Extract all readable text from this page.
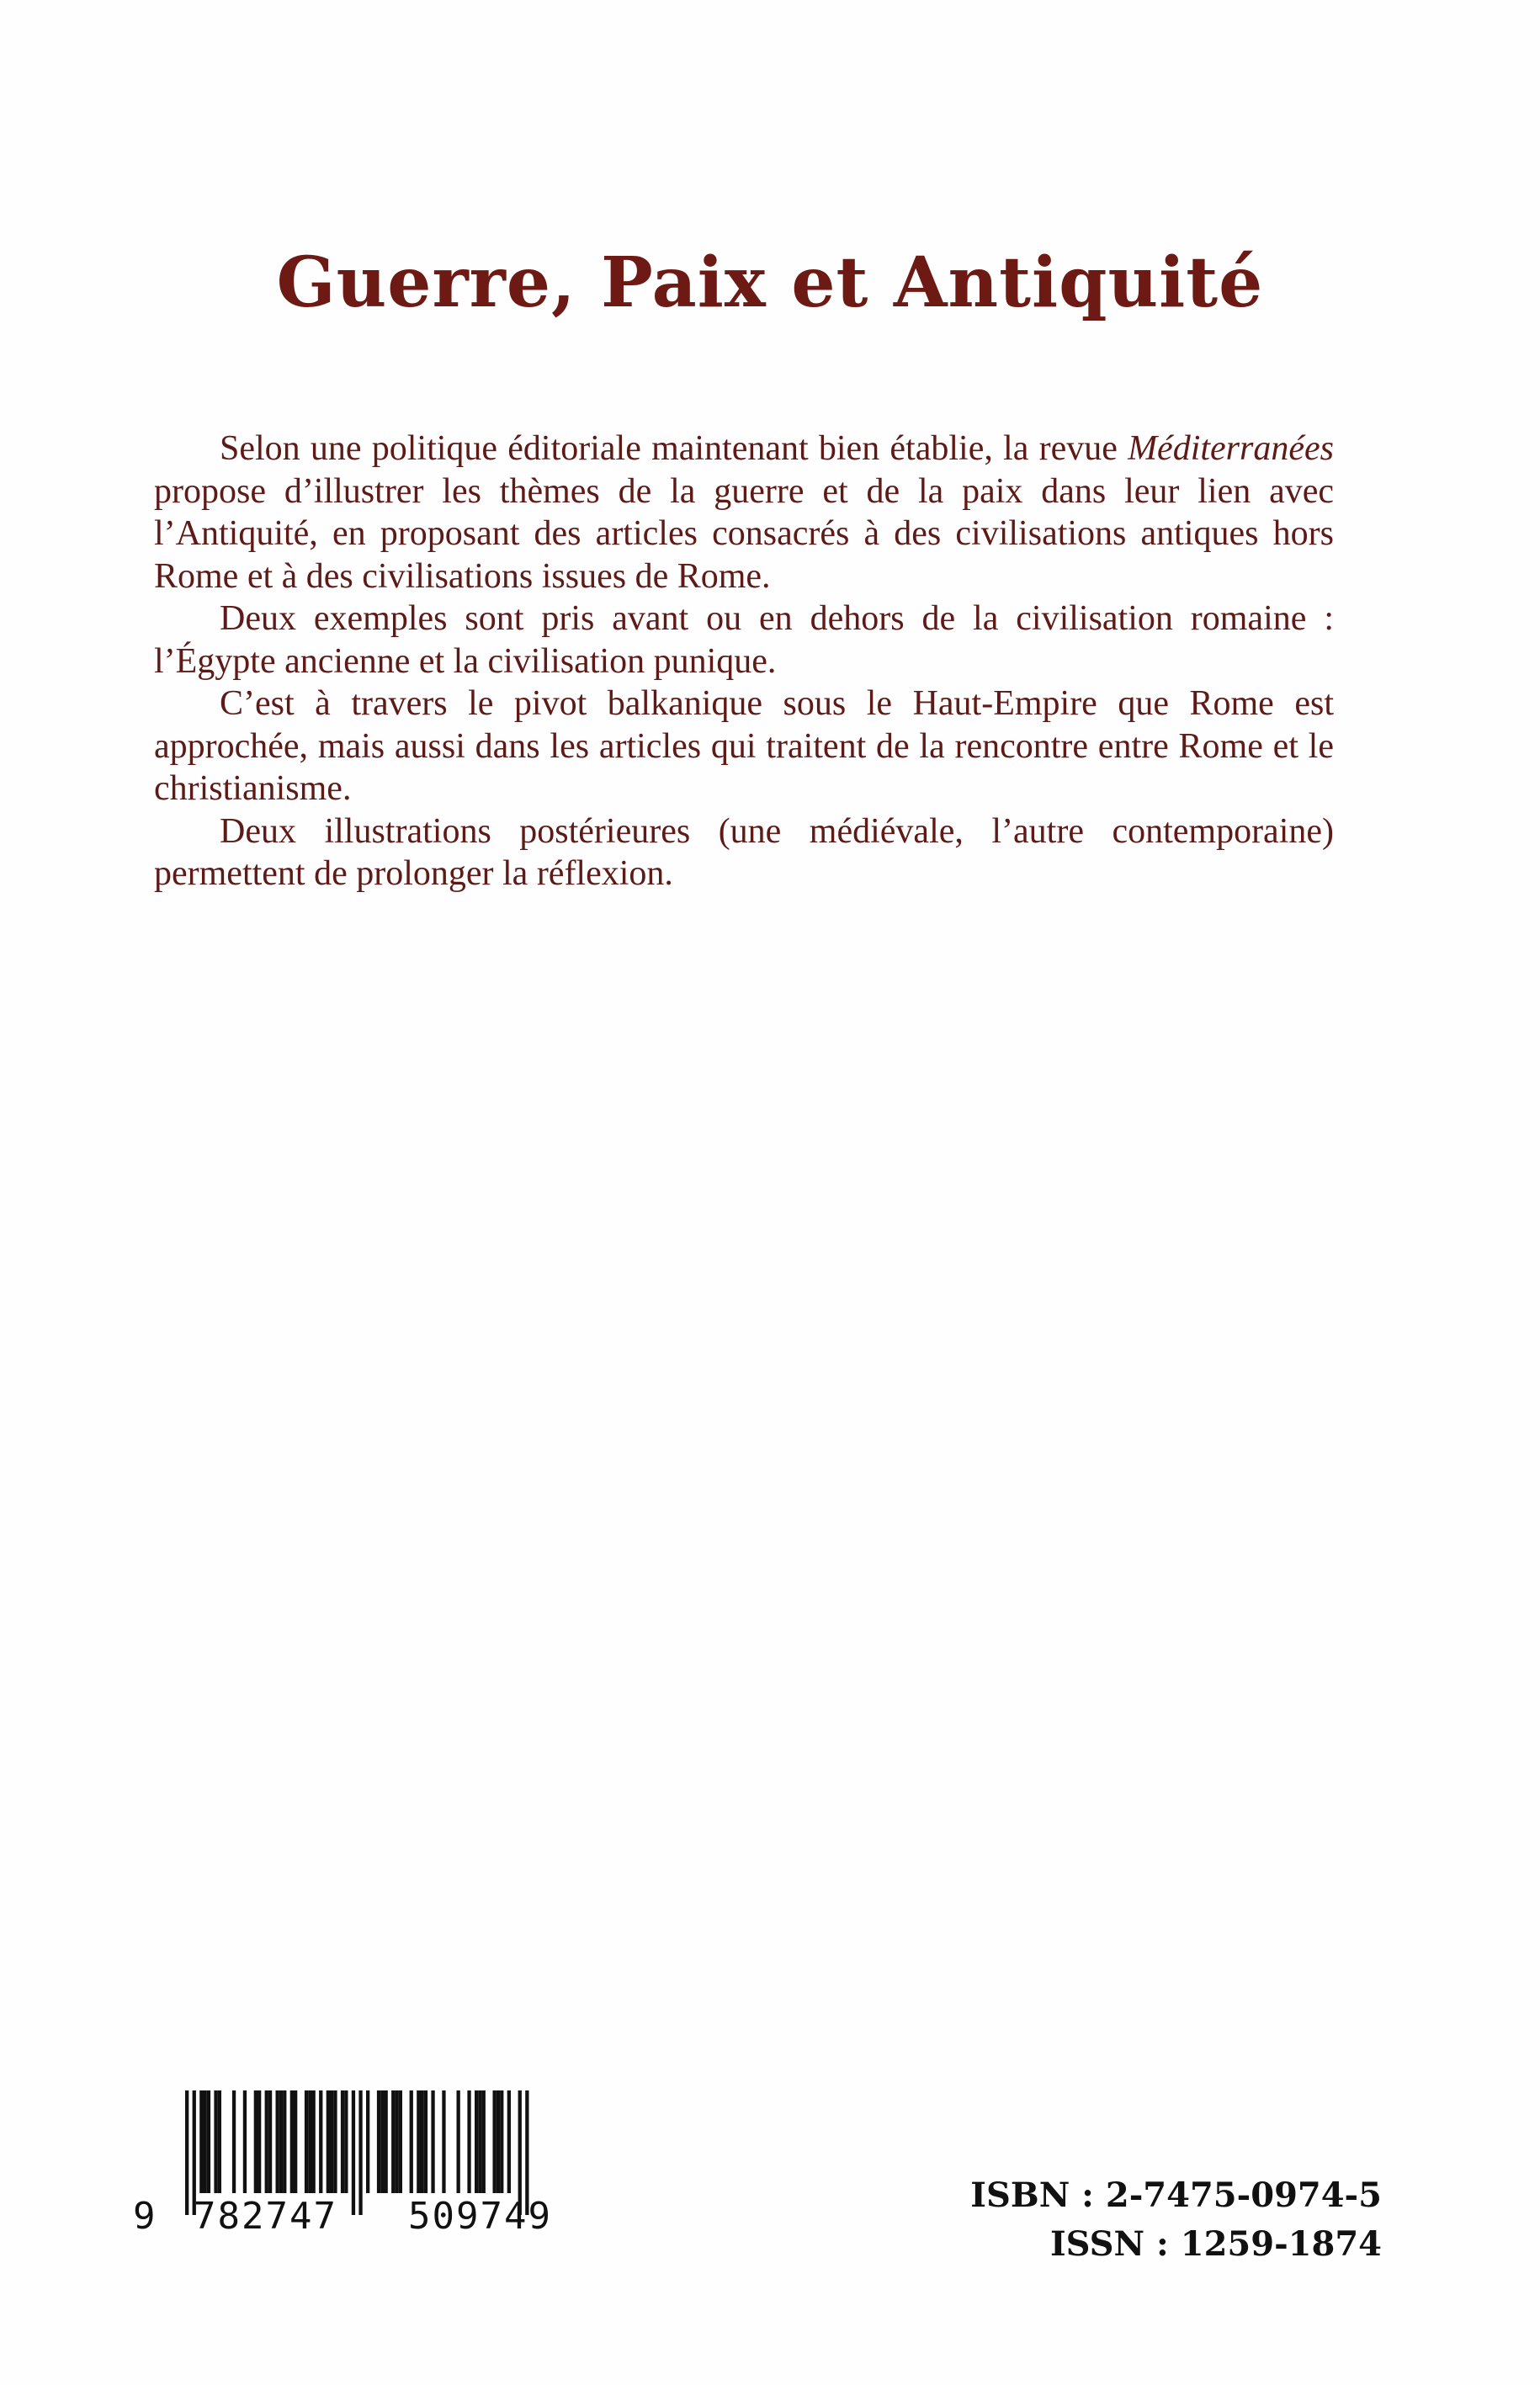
Guerre, Paix et Antiquité

Selon une politique éditoriale maintenant bien établie, la revue Méditerranées propose d’illustrer les thèmes de la guerre et de la paix dans leur lien avec l’Antiquité, en proposant des articles consacrés à des civilisations antiques hors Rome et à des civilisations issues de Rome.

Deux exemples sont pris avant ou en dehors de la civilisation romaine : l’Égypte ancienne et la civilisation punique.

C’est à travers le pivot balkanique sous le Haut-Empire que Rome est approchée, mais aussi dans les articles qui traitent de la rencontre entre Rome et le christianisme.

Deux illustrations postérieures (une médiévale, l’autre contemporaine) permettent de prolonger la réflexion.

9 782747 509749	ISBN : 2-7475-0974-5
ISSN : 1259-1874
